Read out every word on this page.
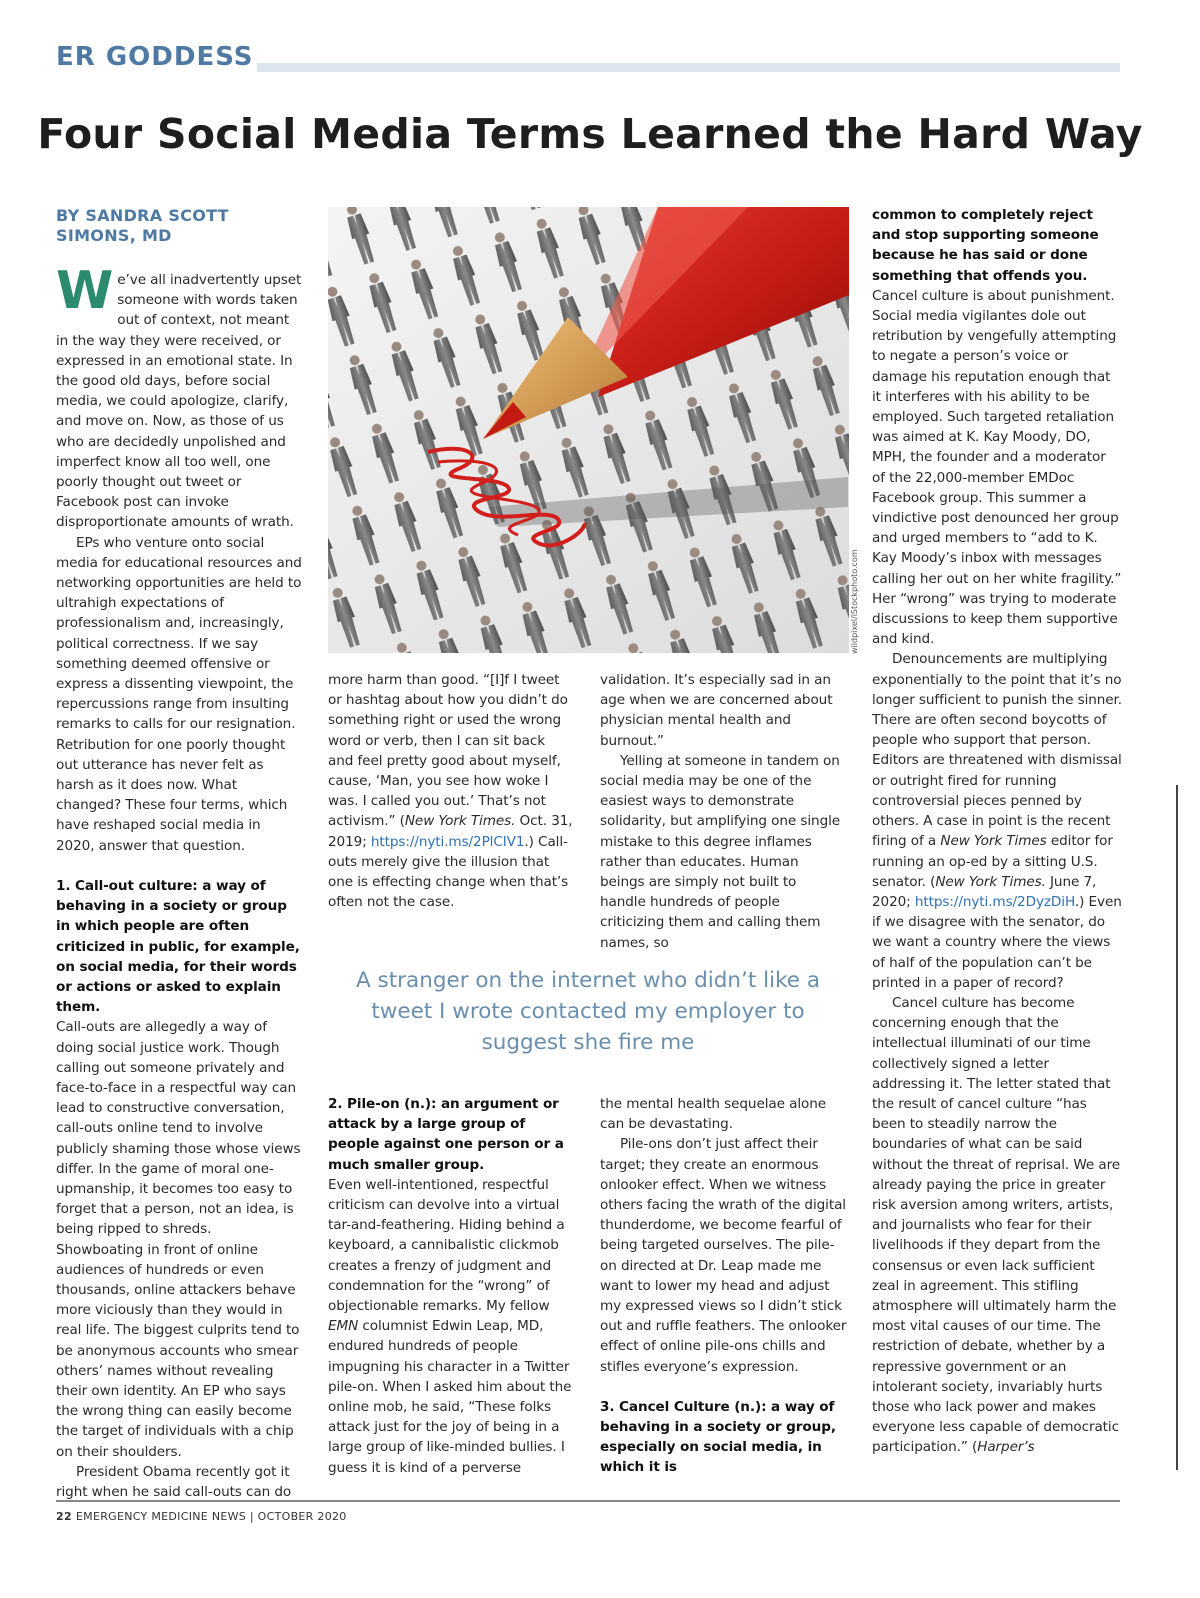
ER GODDESS
Four Social Media Terms Learned the Hard Way
BY SANDRA SCOTT SIMONS, MD

We’ve all inadvertently upset someone with words taken out of context, not meant in the way they were received, or expressed in an emotional state. In the good old days, before social media, we could apologize, clarify, and move on. Now, as those of us who are decidedly unpolished and imperfect know all too well, one poorly thought out tweet or Facebook post can invoke disproportionate amounts of wrath.

EPs who venture onto social media for educational resources and networking opportunities are held to ultrahigh expectations of professionalism and, increasingly, political correctness. If we say something deemed offensive or express a dissenting viewpoint, the repercussions range from insulting remarks to calls for our resignation. Retribution for one poorly thought out utterance has never felt as harsh as it does now. What changed? These four terms, which have reshaped social media in 2020, answer that question.

1. Call-out culture: a way of behaving in a society or group in which people are often criticized in public, for example, on social media, for their words or actions or asked to explain them.

Call-outs are allegedly a way of doing social justice work. Though calling out someone privately and face-to-face in a respectful way can lead to constructive conversation, call-outs online tend to involve publicly shaming those whose views differ. In the game of moral one-upmanship, it becomes too easy to forget that a person, not an idea, is being ripped to shreds. Showboating in front of online audiences of hundreds or even thousands, online attackers behave more viciously than they would in real life. The biggest culprits tend to be anonymous accounts who smear others’ names without revealing their own identity. An EP who says the wrong thing can easily become the target of individuals with a chip on their shoulders.

President Obama recently got it right when he said call-outs can do

wildpixel/iStockphoto.com

more harm than good. “[I]f I tweet or hashtag about how you didn’t do something right or used the wrong word or verb, then I can sit back and feel pretty good about myself, cause, ‘Man, you see how woke I was. I called you out.’ That’s not activism.” (New York Times. Oct. 31, 2019; https://nyti.ms/2PlCIV1.) Call-outs merely give the illusion that one is effecting change when that’s often not the case.

validation. It’s especially sad in an age when we are concerned about physician mental health and burnout.”

Yelling at someone in tandem on social media may be one of the easiest ways to demonstrate solidarity, but amplifying one single mistake to this degree inflames rather than educates. Human beings are simply not built to handle hundreds of people criticizing them and calling them names, so

A stranger on the internet who didn’t like a tweet I wrote contacted my employer to suggest she fire me

2. Pile-on (n.): an argument or attack by a large group of people against one person or a much smaller group.

Even well-intentioned, respectful criticism can devolve into a virtual tar-and-feathering. Hiding behind a keyboard, a cannibalistic clickmob creates a frenzy of judgment and condemnation for the “wrong” of objectionable remarks. My fellow EMN columnist Edwin Leap, MD, endured hundreds of people impugning his character in a Twitter pile-on. When I asked him about the online mob, he said, “These folks attack just for the joy of being in a large group of like-minded bullies. I guess it is kind of a perverse

the mental health sequelae alone can be devastating.

Pile-ons don’t just affect their target; they create an enormous onlooker effect. When we witness others facing the wrath of the digital thunderdome, we become fearful of being targeted ourselves. The pile-on directed at Dr. Leap made me want to lower my head and adjust my expressed views so I didn’t stick out and ruffle feathers. The onlooker effect of online pile-ons chills and stifles everyone’s expression.

3. Cancel Culture (n.): a way of behaving in a society or group, especially on social media, in which it is

common to completely reject and stop supporting someone because he has said or done something that offends you.

Cancel culture is about punishment. Social media vigilantes dole out retribution by vengefully attempting to negate a person’s voice or damage his reputation enough that it interferes with his ability to be employed. Such targeted retaliation was aimed at K. Kay Moody, DO, MPH, the founder and a moderator of the 22,000-member EMDoc Facebook group. This summer a vindictive post denounced her group and urged members to “add to K. Kay Moody’s inbox with messages calling her out on her white fragility.” Her “wrong” was trying to moderate discussions to keep them supportive and kind.

Denouncements are multiplying exponentially to the point that it’s no longer sufficient to punish the sinner. There are often second boycotts of people who support that person. Editors are threatened with dismissal or outright fired for running controversial pieces penned by others. A case in point is the recent firing of a New York Times editor for running an op-ed by a sitting U.S. senator. (New York Times. June 7, 2020; https://nyti.ms/2DyzDiH.) Even if we disagree with the senator, do we want a country where the views of half of the population can’t be printed in a paper of record?

Cancel culture has become concerning enough that the intellectual illuminati of our time collectively signed a letter addressing it. The letter stated that the result of cancel culture “has been to steadily narrow the boundaries of what can be said without the threat of reprisal. We are already paying the price in greater risk aversion among writers, artists, and journalists who fear for their livelihoods if they depart from the consensus or even lack sufficient zeal in agreement. This stifling atmosphere will ultimately harm the most vital causes of our time. The restriction of debate, whether by a repressive government or an intolerant society, invariably hurts those who lack power and makes everyone less capable of democratic participation.” (Harper’s

22 EMERGENCY MEDICINE NEWS | OCTOBER 2020
